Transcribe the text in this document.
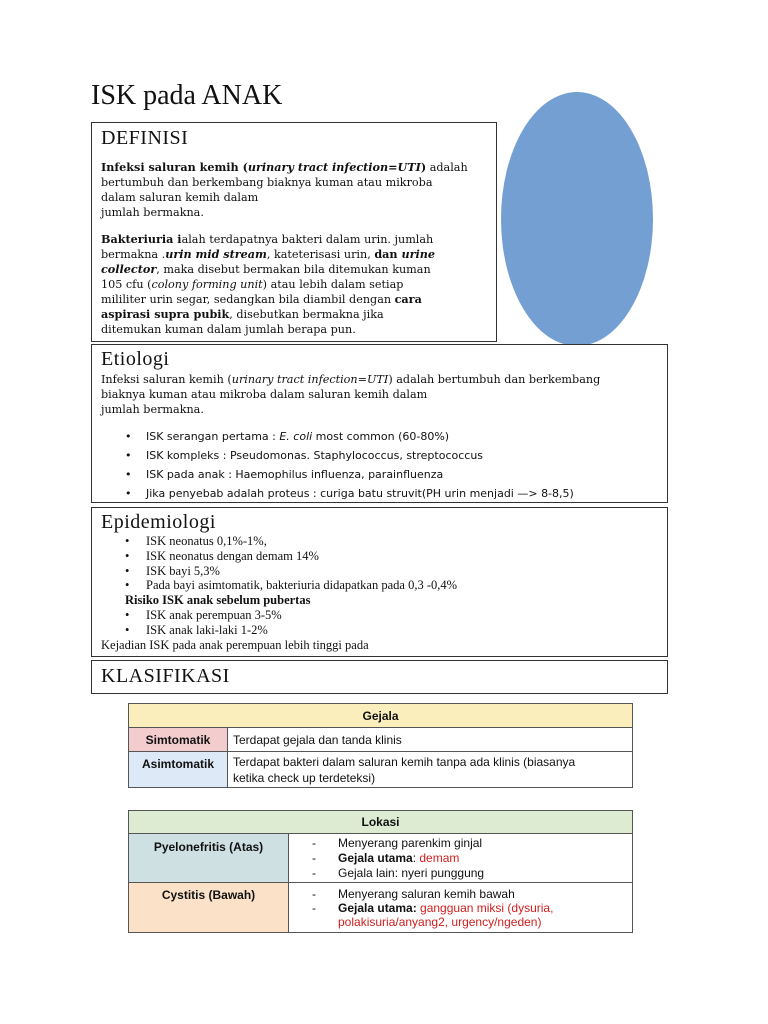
ISK pada ANAK
DEFINISI
Infeksi saluran kemih (urinary tract infection=UTI) adalah
bertumbuh dan berkembang biaknya kuman atau mikroba
dalam saluran kemih dalam
jumlah bermakna.
Bakteriuria ialah terdapatnya bakteri dalam urin. jumlah
bermakna .urin mid stream, kateterisasi urin, dan urine
collector, maka disebut bermakan bila ditemukan kuman
105 cfu (colony forming unit) atau lebih dalam setiap
mililiter urin segar, sedangkan bila diambil dengan cara
aspirasi supra pubik, disebutkan bermakna jika
ditemukan kuman dalam jumlah berapa pun.
Etiologi
Infeksi saluran kemih (urinary tract infection=UTI) adalah bertumbuh dan berkembang
biaknya kuman atau mikroba dalam saluran kemih dalam
jumlah bermakna.
• ISK serangan pertama : E. coli most common (60-80%)
• ISK kompleks : Pseudomonas. Staphylococcus, streptococcus
• ISK pada anak : Haemophilus influenza, parainfluenza
• Jika penyebab adalah proteus : curiga batu struvit(PH urin menjadi —> 8-8,5)
Epidemiologi
• ISK neonatus 0,1%-1%,
• ISK neonatus dengan demam 14%
• ISK bayi 5,3%
• Pada bayi asimtomatik, bakteriuria didapatkan pada 0,3 -0,4%
Risiko ISK anak sebelum pubertas
• ISK anak perempuan 3-5%
• ISK anak laki-laki 1-2%
Kejadian ISK pada anak perempuan lebih tinggi pada
KLASIFIKASI
Gejala	
Simtomatik	Terdapat gejala dan tanda klinis
Asimtomatik	Terdapat bakteri dalam saluran kemih tanpa ada klinis (biasanya
ketika check up terdeteksi)
Lokasi	
Pyelonefritis (Atas)	- Menyerang parenkim ginjal
- Gejala utama: demam
- Gejala lain: nyeri punggung

Cystitis (Bawah)	- Menyerang saluran kemih bawah
- Gejala utama: gangguan miksi (dysuria,
polakisuria/anyang2, urgency/ngeden)
